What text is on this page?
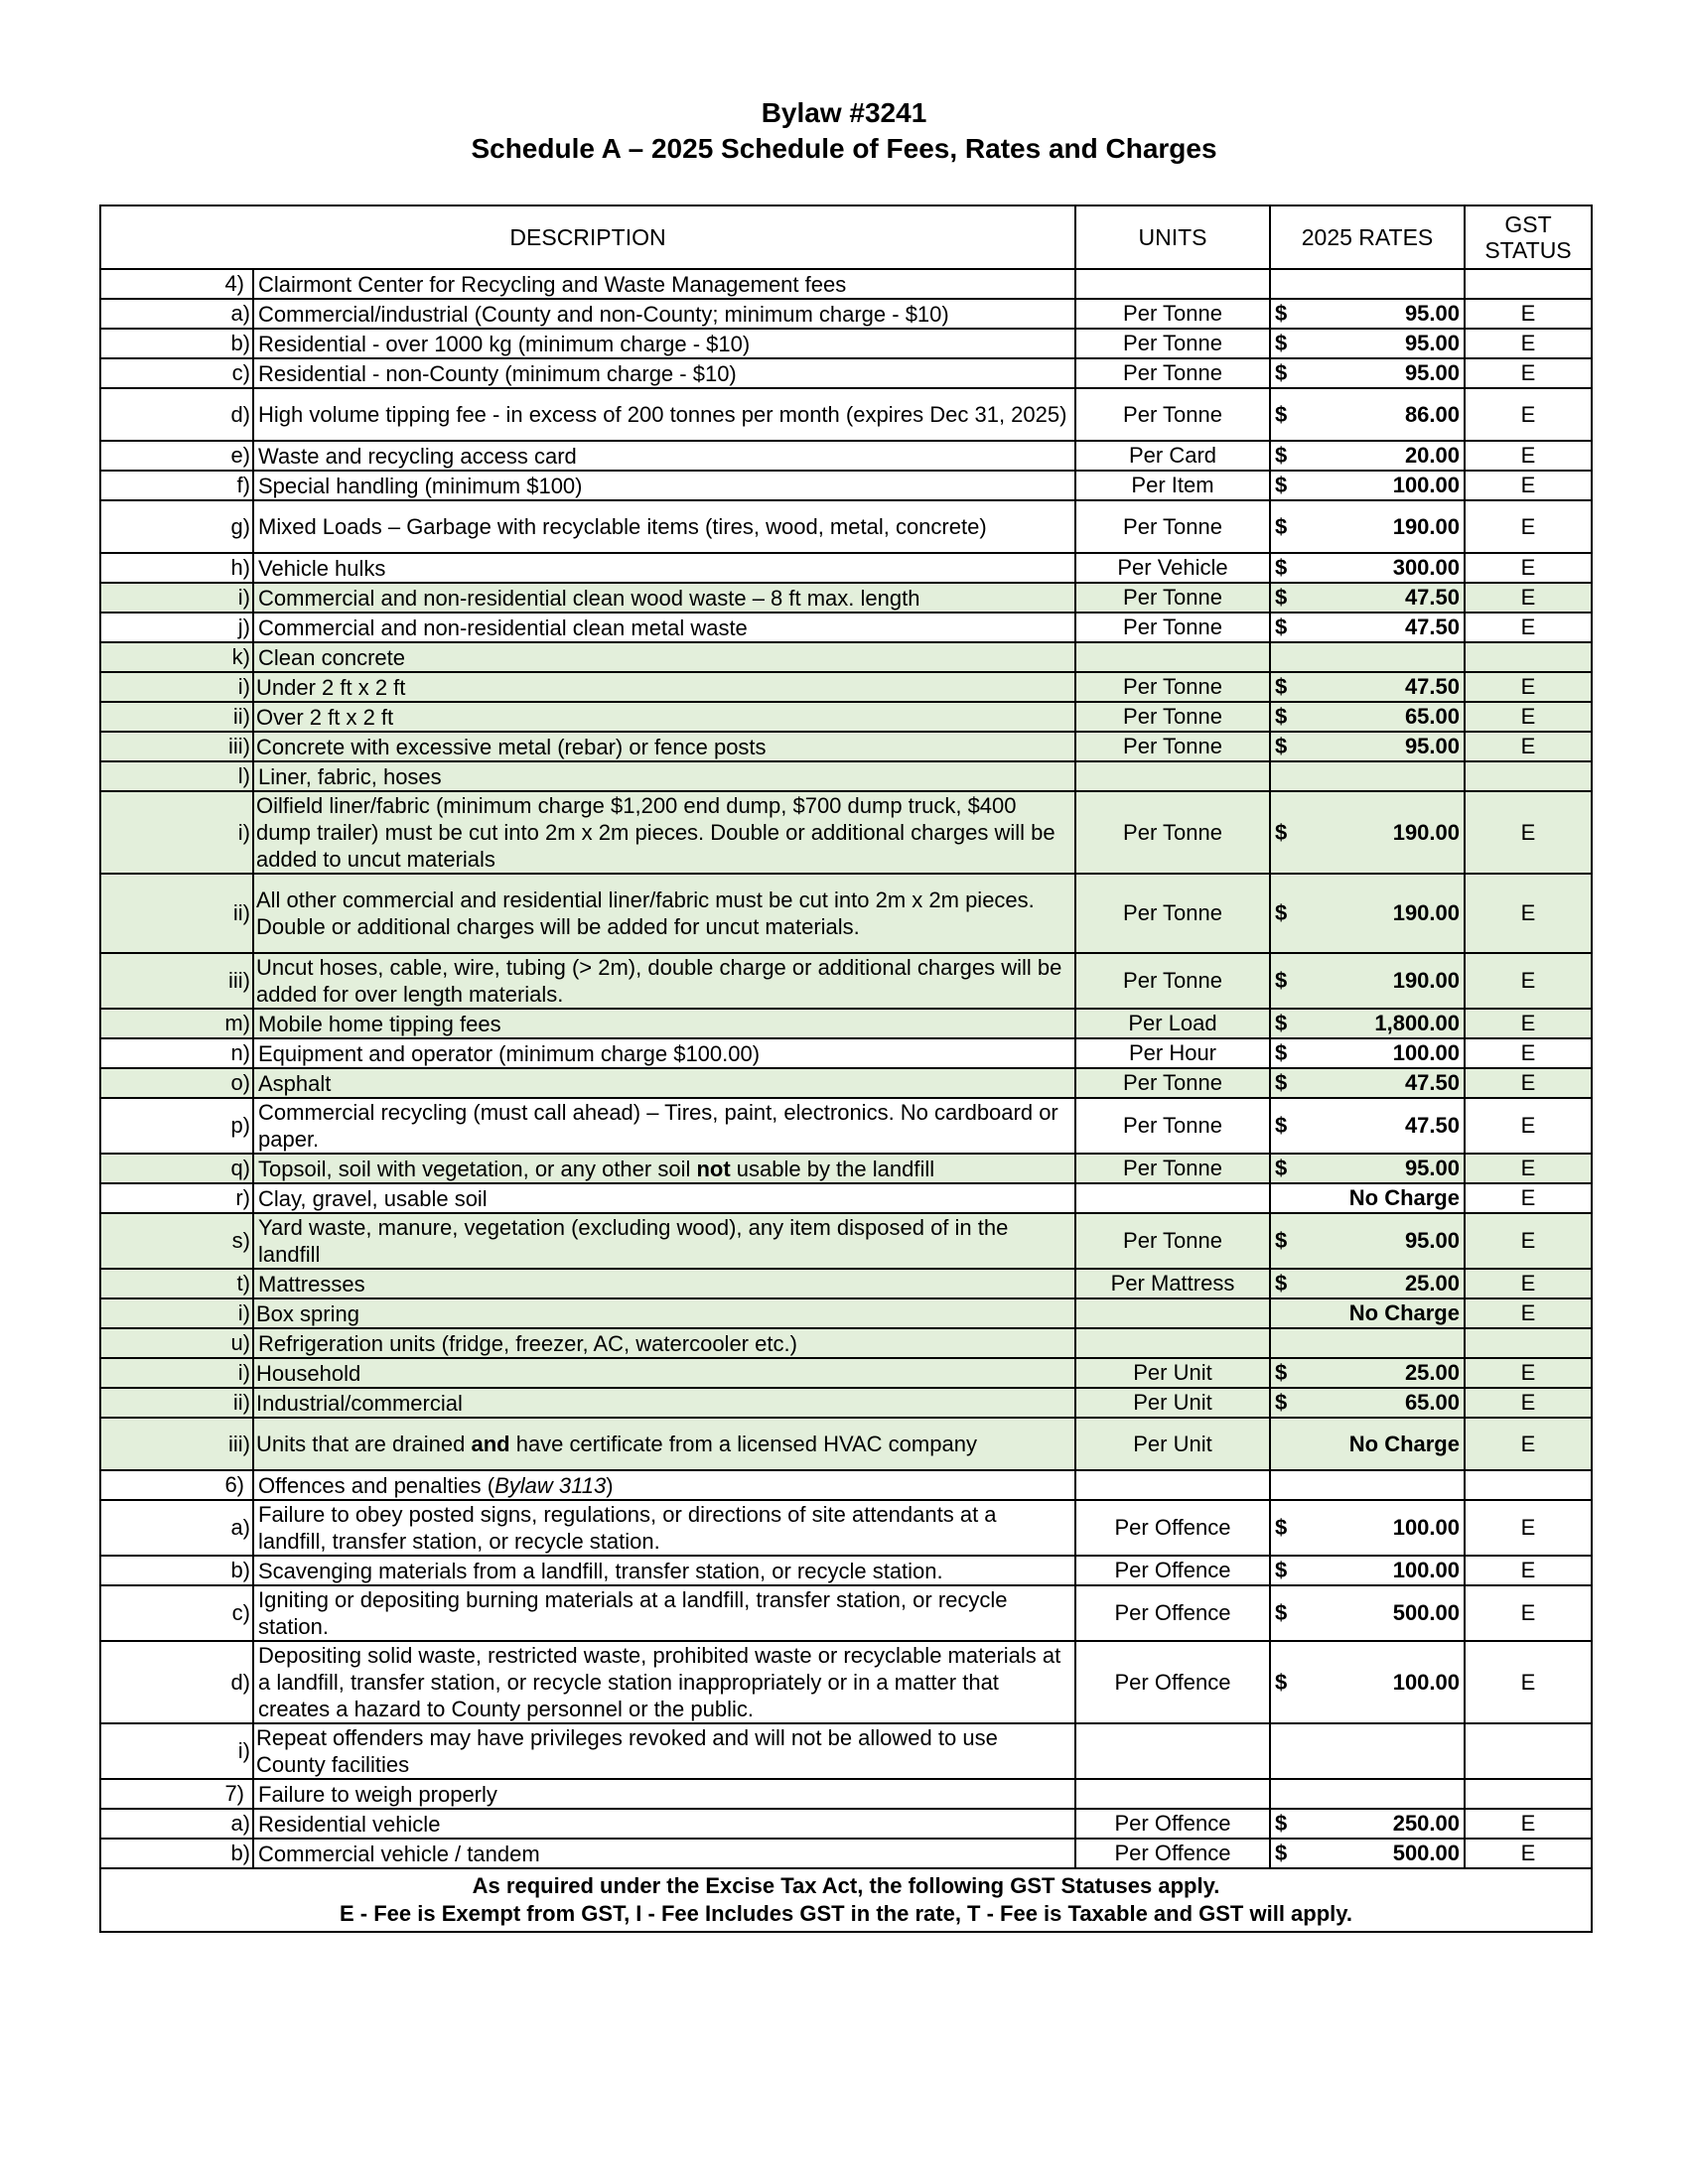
Bylaw #3241
Schedule A – 2025 Schedule of Fees, Rates and Charges
DESCRIPTION		UNITS	2025 RATES	GST STATUS
4)	Clairmont Center for Recycling and Waste Management fees			
a)	Commercial/industrial (County and non-County; minimum charge - $10)	Per Tonne	$ 95.00	E
b)	Residential - over 1000 kg (minimum charge - $10)	Per Tonne	$ 95.00	E
c)	Residential - non-County (minimum charge - $10)	Per Tonne	$ 95.00	E
d)	High volume tipping fee - in excess of 200 tonnes per month (expires Dec 31, 2025)	Per Tonne	$ 86.00	E
e)	Waste and recycling access card	Per Card	$ 20.00	E
f)	Special handling (minimum $100)	Per Item	$ 100.00	E
g)	Mixed Loads – Garbage with recyclable items (tires, wood, metal, concrete)	Per Tonne	$ 190.00	E
h)	Vehicle hulks	Per Vehicle	$ 300.00	E
i)	Commercial and non-residential clean wood waste – 8 ft max. length	Per Tonne	$ 47.50	E
j)	Commercial and non-residential clean metal waste	Per Tonne	$ 47.50	E
k)	Clean concrete			
i)	Under 2 ft x 2 ft	Per Tonne	$ 47.50	E
ii)	Over 2 ft x 2 ft	Per Tonne	$ 65.00	E
iii)	Concrete with excessive metal (rebar) or fence posts	Per Tonne	$ 95.00	E
l)	Liner, fabric, hoses			
i)	Oilfield liner/fabric (minimum charge $1,200 end dump, $700 dump truck, $400 dump trailer) must be cut into 2m x 2m pieces. Double or additional charges will be added to uncut materials	Per Tonne	$ 190.00	E
ii)	All other commercial and residential liner/fabric must be cut into 2m x 2m pieces. Double or additional charges will be added for uncut materials.	Per Tonne	$ 190.00	E
iii)	Uncut hoses, cable, wire, tubing (> 2m), double charge or additional charges will be added for over length materials.	Per Tonne	$ 190.00	E
m)	Mobile home tipping fees	Per Load	$ 1,800.00	E
n)	Equipment and operator (minimum charge $100.00)	Per Hour	$ 100.00	E
o)	Asphalt	Per Tonne	$ 47.50	E
p)	Commercial recycling (must call ahead) – Tires, paint, electronics. No cardboard or paper.	Per Tonne	$ 47.50	E
q)	Topsoil, soil with vegetation, or any other soil not usable by the landfill	Per Tonne	$ 95.00	E
r)	Clay, gravel, usable soil		No Charge	E
s)	Yard waste, manure, vegetation (excluding wood), any item disposed of in the landfill	Per Tonne	$ 95.00	E
t)	Mattresses	Per Mattress	$ 25.00	E
i)	Box spring		No Charge	E
u)	Refrigeration units (fridge, freezer, AC, watercooler etc.)			
i)	Household	Per Unit	$ 25.00	E
ii)	Industrial/commercial	Per Unit	$ 65.00	E
iii)	Units that are drained and have certificate from a licensed HVAC company	Per Unit	No Charge	E
6)	Offences and penalties (Bylaw 3113)			
a)	Failure to obey posted signs, regulations, or directions of site attendants at a landfill, transfer station, or recycle station.	Per Offence	$ 100.00	E
b)	Scavenging materials from a landfill, transfer station, or recycle station.	Per Offence	$ 100.00	E
c)	Igniting or depositing burning materials at a landfill, transfer station, or recycle station.	Per Offence	$ 500.00	E
d)	Depositing solid waste, restricted waste, prohibited waste or recyclable materials at a landfill, transfer station, or recycle station inappropriately or in a matter that creates a hazard to County personnel or the public.	Per Offence	$ 100.00	E
i)	Repeat offenders may have privileges revoked and will not be allowed to use County facilities			
7)	Failure to weigh properly			
a)	Residential vehicle	Per Offence	$ 250.00	E
b)	Commercial vehicle / tandem	Per Offence	$ 500.00	E

As required under the Excise Tax Act, the following GST Statuses apply.
E - Fee is Exempt from GST, I - Fee Includes GST in the rate, T - Fee is Taxable and GST will apply.				
